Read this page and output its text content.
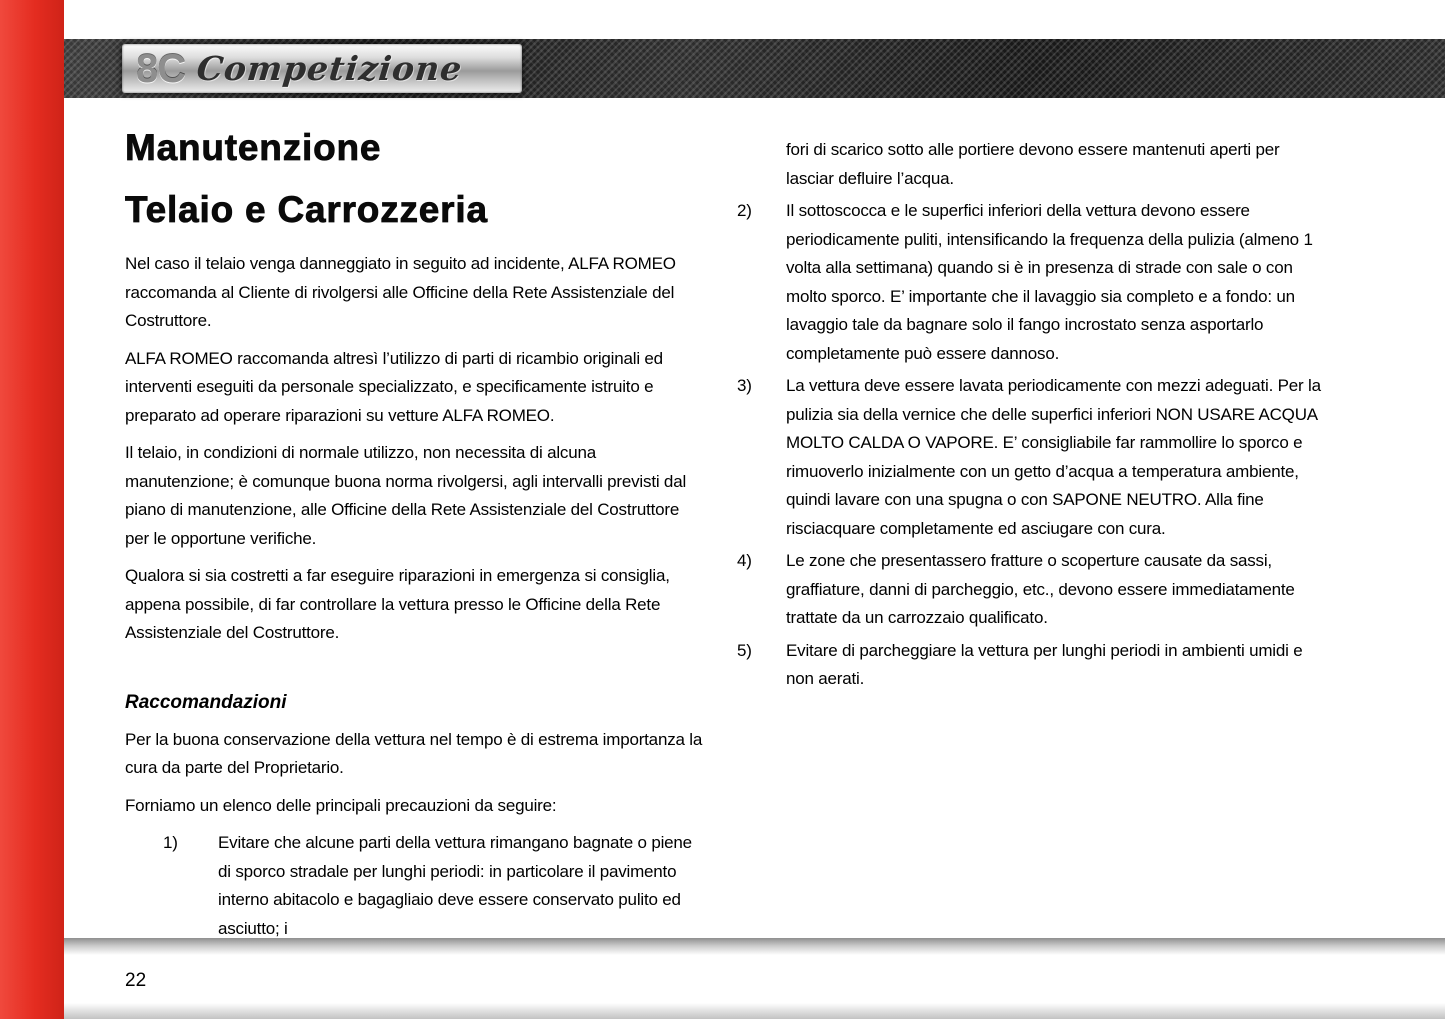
8C Competizione
Manutenzione
Telaio e Carrozzeria

Nel caso il telaio venga danneggiato in seguito ad incidente, ALFA ROMEO raccomanda al Cliente di rivolgersi alle Officine della Rete Assistenziale del Costruttore.

ALFA ROMEO raccomanda altresì l’utilizzo di parti di ricambio originali ed interventi eseguiti da personale specializzato, e specificamente istruito e preparato ad operare riparazioni su vetture ALFA ROMEO.

Il telaio, in condizioni di normale utilizzo, non necessita di alcuna manutenzione; è comunque buona norma rivolgersi, agli intervalli previsti dal piano di manutenzione, alle Officine della Rete Assistenziale del Costruttore per le opportune verifiche.

Qualora si sia costretti a far eseguire riparazioni in emergenza si consiglia, appena possibile, di far controllare la vettura presso le Officine della Rete Assistenziale del Costruttore.

Raccomandazioni

Per la buona conservazione della vettura nel tempo è di estrema importanza la cura da parte del Proprietario.

Forniamo un elenco delle principali precauzioni da seguire:

1)	Evitare che alcune parti della vettura rimangano bagnate o piene di sporco stradale per lunghi periodi: in particolare il pavimento interno abitacolo e bagagliaio deve essere conservato pulito ed asciutto; i

fori di scarico sotto alle portiere devono essere mantenuti aperti per lasciar defluire l’acqua.

2)	Il sottoscocca e le superfici inferiori della vettura devono essere periodicamente puliti, intensificando la frequenza della pulizia (almeno 1 volta alla settimana) quando si è in presenza di strade con sale o con molto sporco. E’ importante che il lavaggio sia completo e a fondo: un lavaggio tale da bagnare solo il fango incrostato senza asportarlo completamente può essere dannoso.
3)	La vettura deve essere lavata periodicamente con mezzi adeguati. Per la pulizia sia della vernice che delle superfici inferiori NON USARE ACQUA MOLTO CALDA O VAPORE. E’ consigliabile far rammollire lo sporco e rimuoverlo inizialmente con un getto d’acqua a temperatura ambiente, quindi lavare con una spugna o con SAPONE NEUTRO. Alla fine risciacquare completamente ed asciugare con cura.
4)	Le zone che presentassero fratture o scoperture causate da sassi, graffiature, danni di parcheggio, etc., devono essere immediatamente trattate da un carrozzaio qualificato.
5)	Evitare di parcheggiare la vettura per lunghi periodi in ambienti umidi e non aerati.
22
